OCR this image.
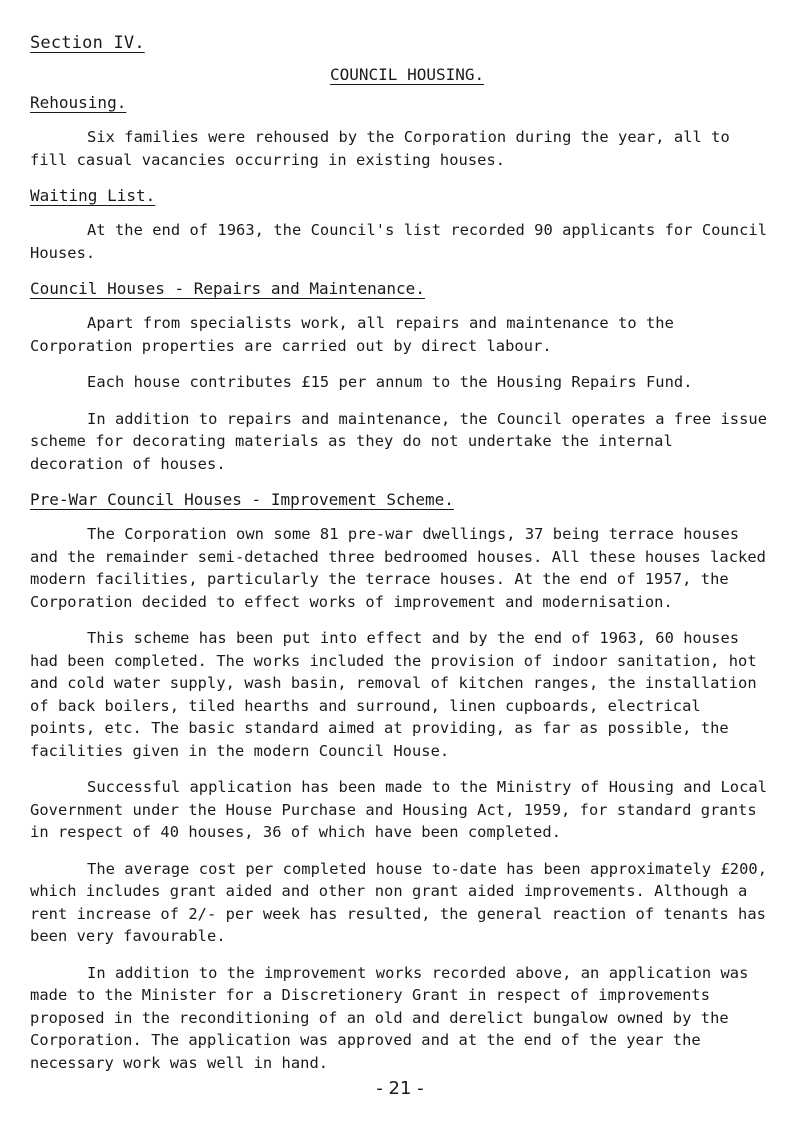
Section IV.
COUNCIL HOUSING.
Rehousing.

Six families were rehoused by the Corporation during the year, all to fill casual vacancies occurring in existing houses.

Waiting List.

At the end of 1963, the Council's list recorded 90 applicants for Council Houses.

Council Houses - Repairs and Maintenance.

Apart from specialists work, all repairs and maintenance to the Corporation properties are carried out by direct labour.

Each house contributes £15 per annum to the Housing Repairs Fund.

In addition to repairs and maintenance, the Council operates a free issue scheme for decorating materials as they do not undertake the internal decoration of houses.

Pre-War Council Houses - Improvement Scheme.

The Corporation own some 81 pre-war dwellings, 37 being terrace houses and the remainder semi-detached three bedroomed houses. All these houses lacked modern facilities, particularly the terrace houses. At the end of 1957, the Corporation decided to effect works of improvement and modernisation.

This scheme has been put into effect and by the end of 1963, 60 houses had been completed. The works included the provision of indoor sanitation, hot and cold water supply, wash basin, removal of kitchen ranges, the installation of back boilers, tiled hearths and surround, linen cupboards, electrical points, etc. The basic standard aimed at providing, as far as possible, the facilities given in the modern Council House.

Successful application has been made to the Ministry of Housing and Local Government under the House Purchase and Housing Act, 1959, for standard grants in respect of 40 houses, 36 of which have been completed.

The average cost per completed house to-date has been approximately £200, which includes grant aided and other non grant aided improvements. Although a rent increase of 2/- per week has resulted, the general reaction of tenants has been very favourable.

In addition to the improvement works recorded above, an application was made to the Minister for a Discretionery Grant in respect of improvements proposed in the reconditioning of an old and derelict bungalow owned by the Corporation. The application was approved and at the end of the year the necessary work was well in hand.

- 21 -
